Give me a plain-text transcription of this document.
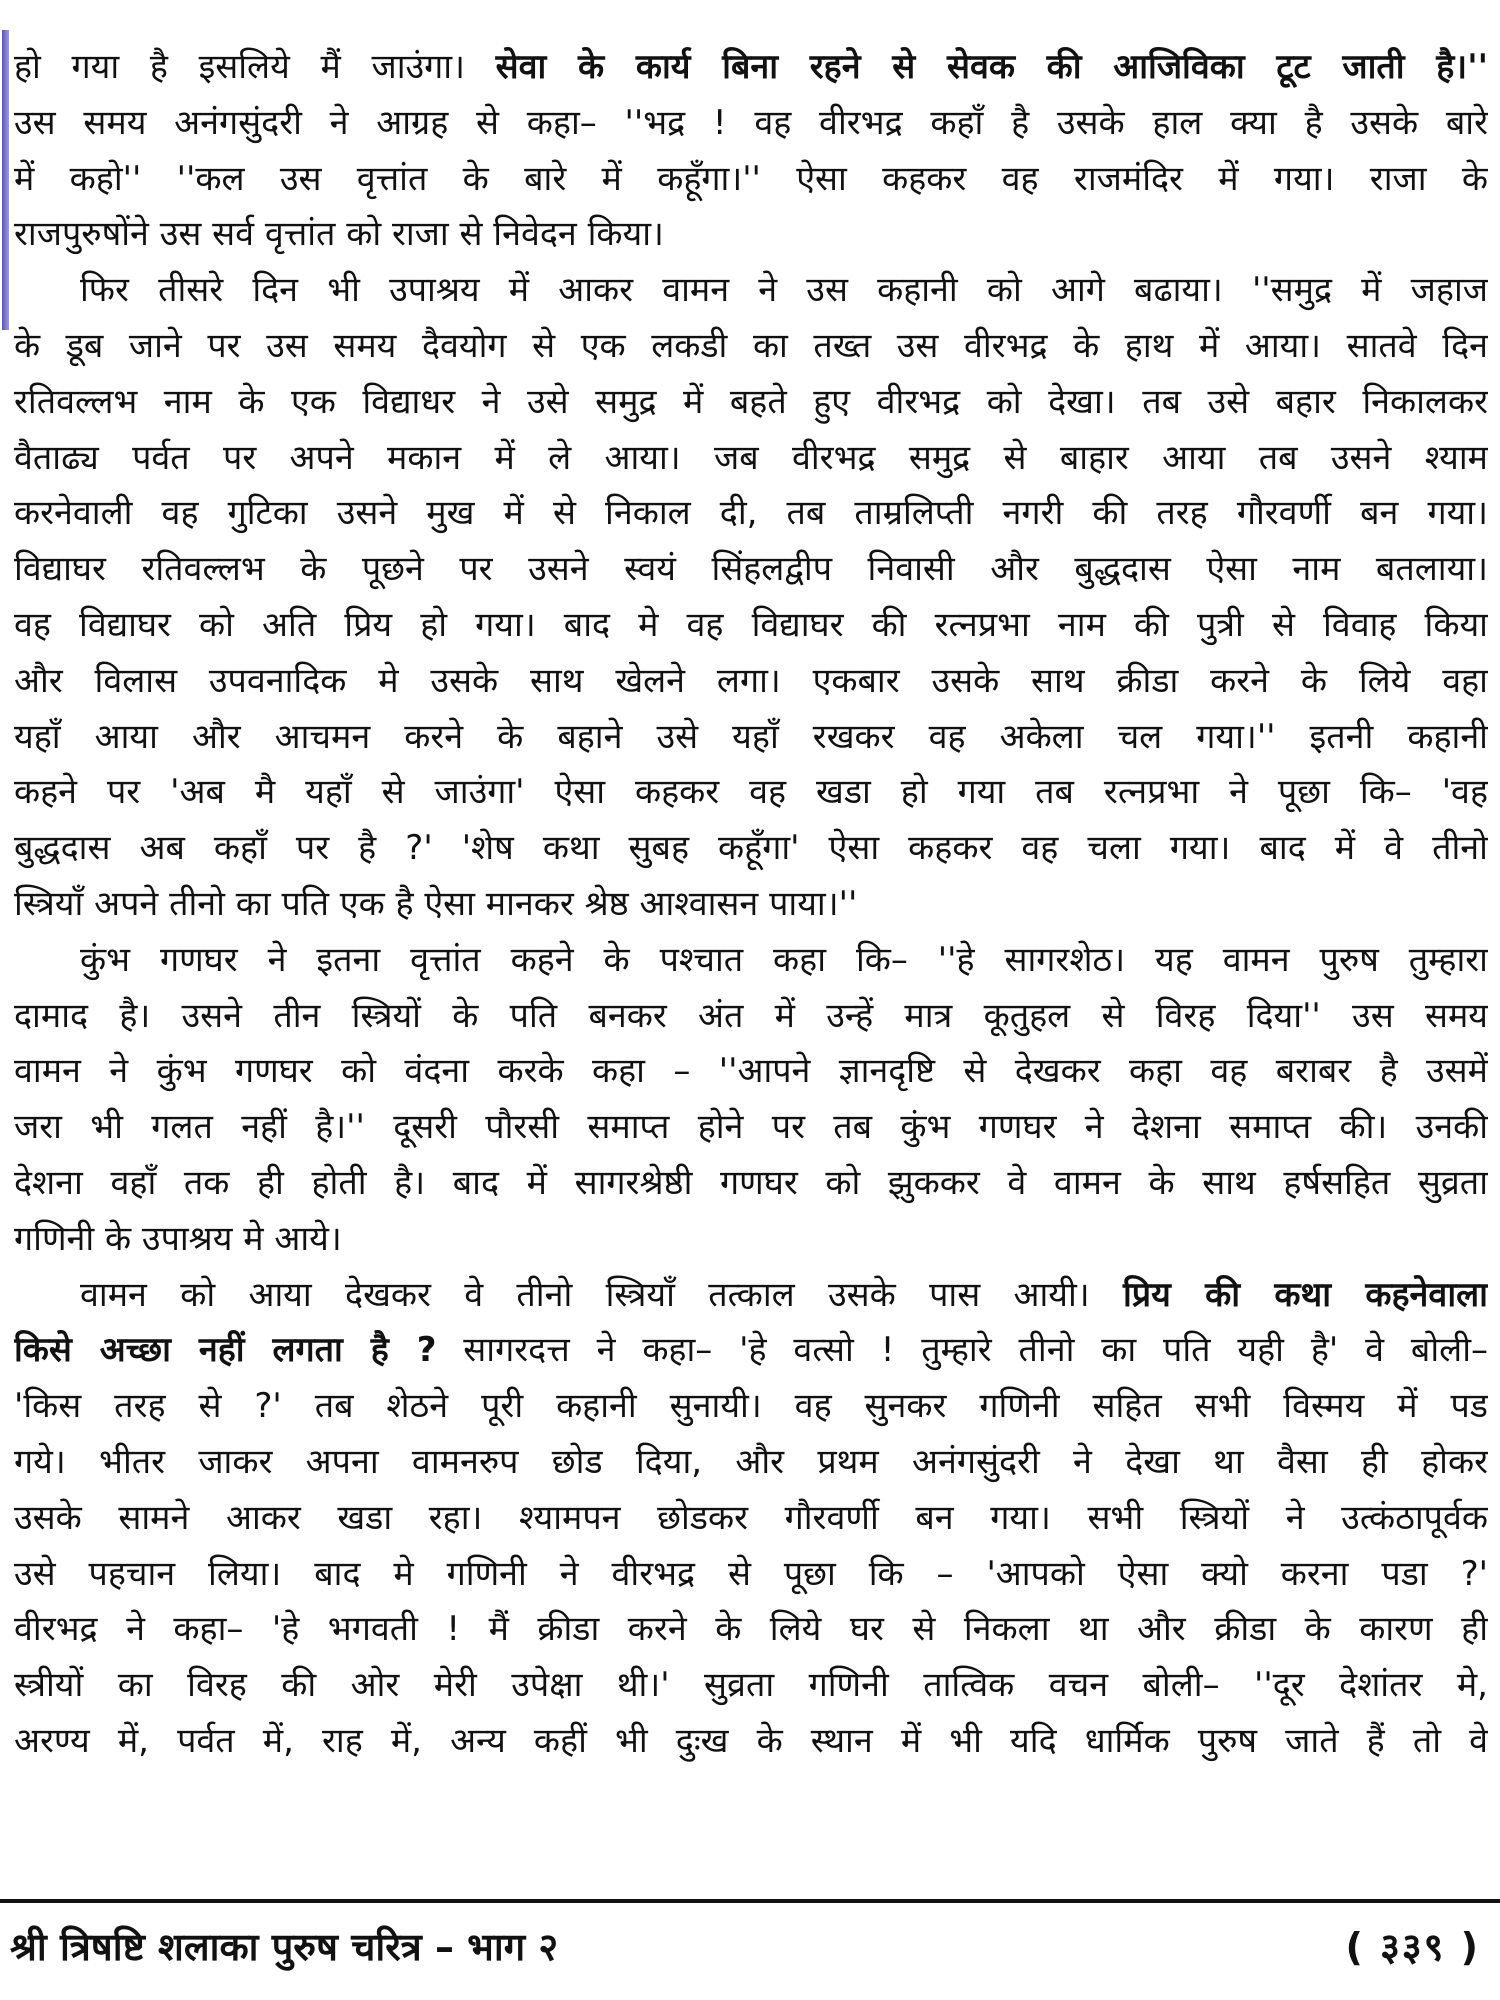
हो गया है इसलिये मैं जाउंगा। सेवा के कार्य बिना रहने से सेवक की आजिविका टूट जाती है।''
उस समय अनंगसुंदरी ने आग्रह से कहा– ''भद्र ! वह वीरभद्र कहाँ है उसके हाल क्या है उसके बारे
में कहो'' ''कल उस वृत्तांत के बारे में कहूँगा।'' ऐसा कहकर वह राजमंदिर में गया। राजा के
राजपुरुषोंने उस सर्व वृत्तांत को राजा से निवेदन किया।
फिर तीसरे दिन भी उपाश्रय में आकर वामन ने उस कहानी को आगे बढाया। ''समुद्र में जहाज
के डूब जाने पर उस समय दैवयोग से एक लकडी का तख्त उस वीरभद्र के हाथ में आया। सातवे दिन
रतिवल्लभ नाम के एक विद्याधर ने उसे समुद्र में बहते हुए वीरभद्र को देखा। तब उसे बहार निकालकर
वैताढ्य पर्वत पर अपने मकान में ले आया। जब वीरभद्र समुद्र से बाहार आया तब उसने श्याम
करनेवाली वह गुटिका उसने मुख में से निकाल दी, तब ताम्रलिप्ती नगरी की तरह गौरवर्णी बन गया।
विद्याघर रतिवल्लभ के पूछने पर उसने स्वयं सिंहलद्वीप निवासी और बुद्धदास ऐसा नाम बतलाया।
वह विद्याघर को अति प्रिय हो गया। बाद मे वह विद्याघर की रत्नप्रभा नाम की पुत्री से विवाह किया
और विलास उपवनादिक मे उसके साथ खेलने लगा। एकबार उसके साथ क्रीडा करने के लिये वहा
यहाँ आया और आचमन करने के बहाने उसे यहाँ रखकर वह अकेला चल गया।'' इतनी कहानी
कहने पर 'अब मै यहाँ से जाउंगा' ऐसा कहकर वह खडा हो गया तब रत्नप्रभा ने पूछा कि– 'वह
बुद्धदास अब कहाँ पर है ?' 'शेष कथा सुबह कहूँगा' ऐसा कहकर वह चला गया। बाद में वे तीनो
स्त्रियाँ अपने तीनो का पति एक है ऐसा मानकर श्रेष्ठ आश्वासन पाया।''
कुंभ गणघर ने इतना वृत्तांत कहने के पश्चात कहा कि– ''हे सागरशेठ। यह वामन पुरुष तुम्हारा
दामाद है। उसने तीन स्त्रियों के पति बनकर अंत में उन्हें मात्र कूतुहल से विरह दिया'' उस समय
वामन ने कुंभ गणघर को वंदना करके कहा – ''आपने ज्ञानदृष्टि से देखकर कहा वह बराबर है उसमें
जरा भी गलत नहीं है।'' दूसरी पौरसी समाप्त होने पर तब कुंभ गणघर ने देशना समाप्त की। उनकी
देशना वहाँ तक ही होती है। बाद में सागरश्रेष्ठी गणघर को झुककर वे वामन के साथ हर्षसहित सुव्रता
गणिनी के उपाश्रय मे आये।
वामन को आया देखकर वे तीनो स्त्रियाँ तत्काल उसके पास आयी। प्रिय की कथा कहनेवाला
किसे अच्छा नहीं लगता है ? सागरदत्त ने कहा– 'हे वत्सो ! तुम्हारे तीनो का पति यही है' वे बोली–
'किस तरह से ?' तब शेठने पूरी कहानी सुनायी। वह सुनकर गणिनी सहित सभी विस्मय में पड
गये। भीतर जाकर अपना वामनरुप छोड दिया, और प्रथम अनंगसुंदरी ने देखा था वैसा ही होकर
उसके सामने आकर खडा रहा। श्यामपन छोडकर गौरवर्णी बन गया। सभी स्त्रियों ने उत्कंठापूर्वक
उसे पहचान लिया। बाद मे गणिनी ने वीरभद्र से पूछा कि – 'आपको ऐसा क्यो करना पडा ?'
वीरभद्र ने कहा– 'हे भगवती ! मैं क्रीडा करने के लिये घर से निकला था और क्रीडा के कारण ही
स्त्रीयों का विरह की ओर मेरी उपेक्षा थी।' सुव्रता गणिनी तात्विक वचन बोली– ''दूर देशांतर मे,
अरण्य में, पर्वत में, राह में, अन्य कहीं भी दुःख के स्थान में भी यदि धार्मिक पुरुष जाते हैं तो वे
श्री त्रिषष्टि शलाका पुरुष चरित्र – भाग २	( ३३९ )
